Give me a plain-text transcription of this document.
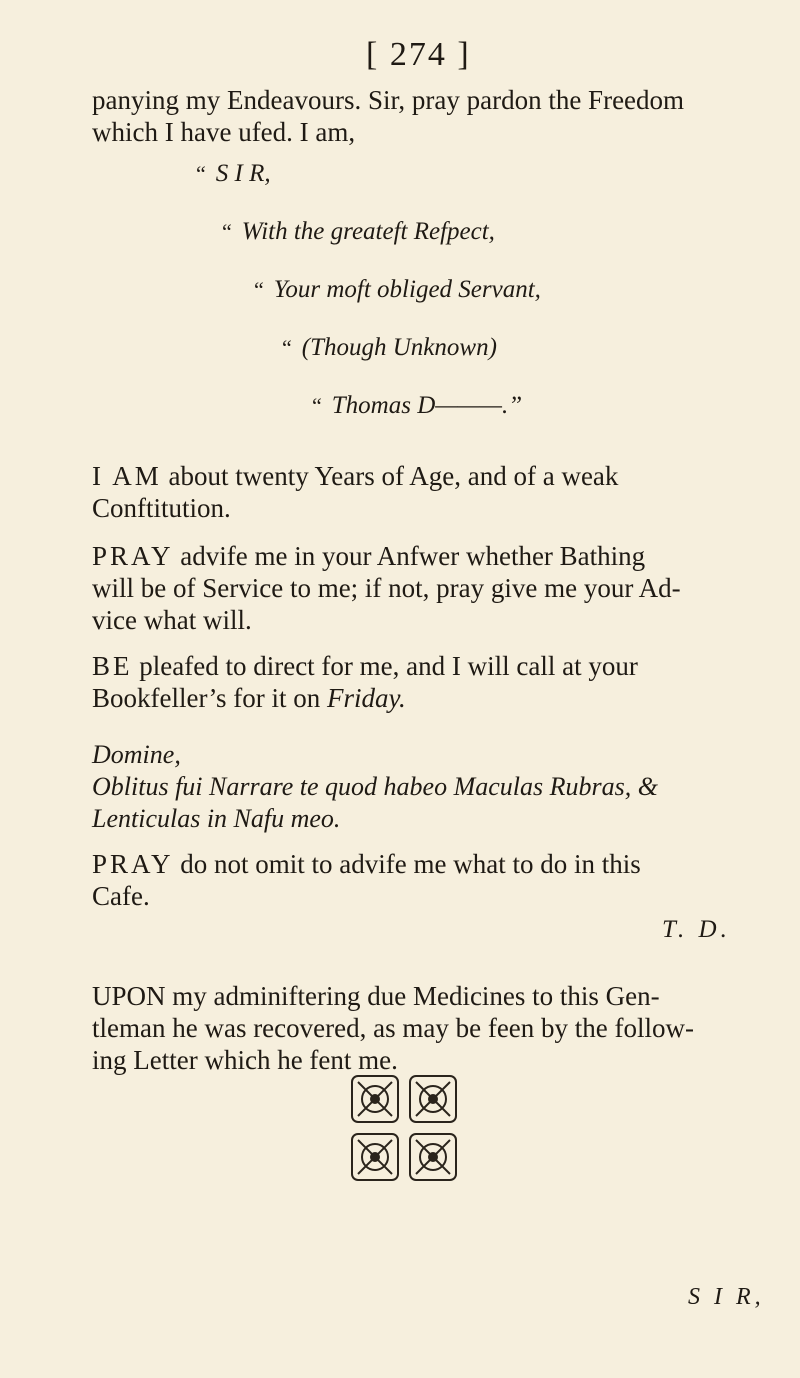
[ 274 ]
panying my Endeavours. Sir, pray pardon the Freedom
which I have ufed. I am,
“ S I R,
“ With the greateft Refpect,
“ Your moft obliged Servant,
“ (Though Unknown)
“ Thomas D———.”
I AM about twenty Years of Age, and of a weak
Conftitution.
PRAY advife me in your Anfwer whether Bathing
will be of Service to me; if not, pray give me your Ad-
vice what will.
BE pleafed to direct for me, and I will call at your
Bookfeller’s for it on Friday.
Domine,
Oblitus fui Narrare te quod habeo Maculas Rubras, &
Lenticulas in Nafu meo.
PRAY do not omit to advife me what to do in this
Cafe.
T. D.
UPON my adminiftering due Medicines to this Gen-
tleman he was recovered, as may be feen by the follow-
ing Letter which he fent me.
S I R,
